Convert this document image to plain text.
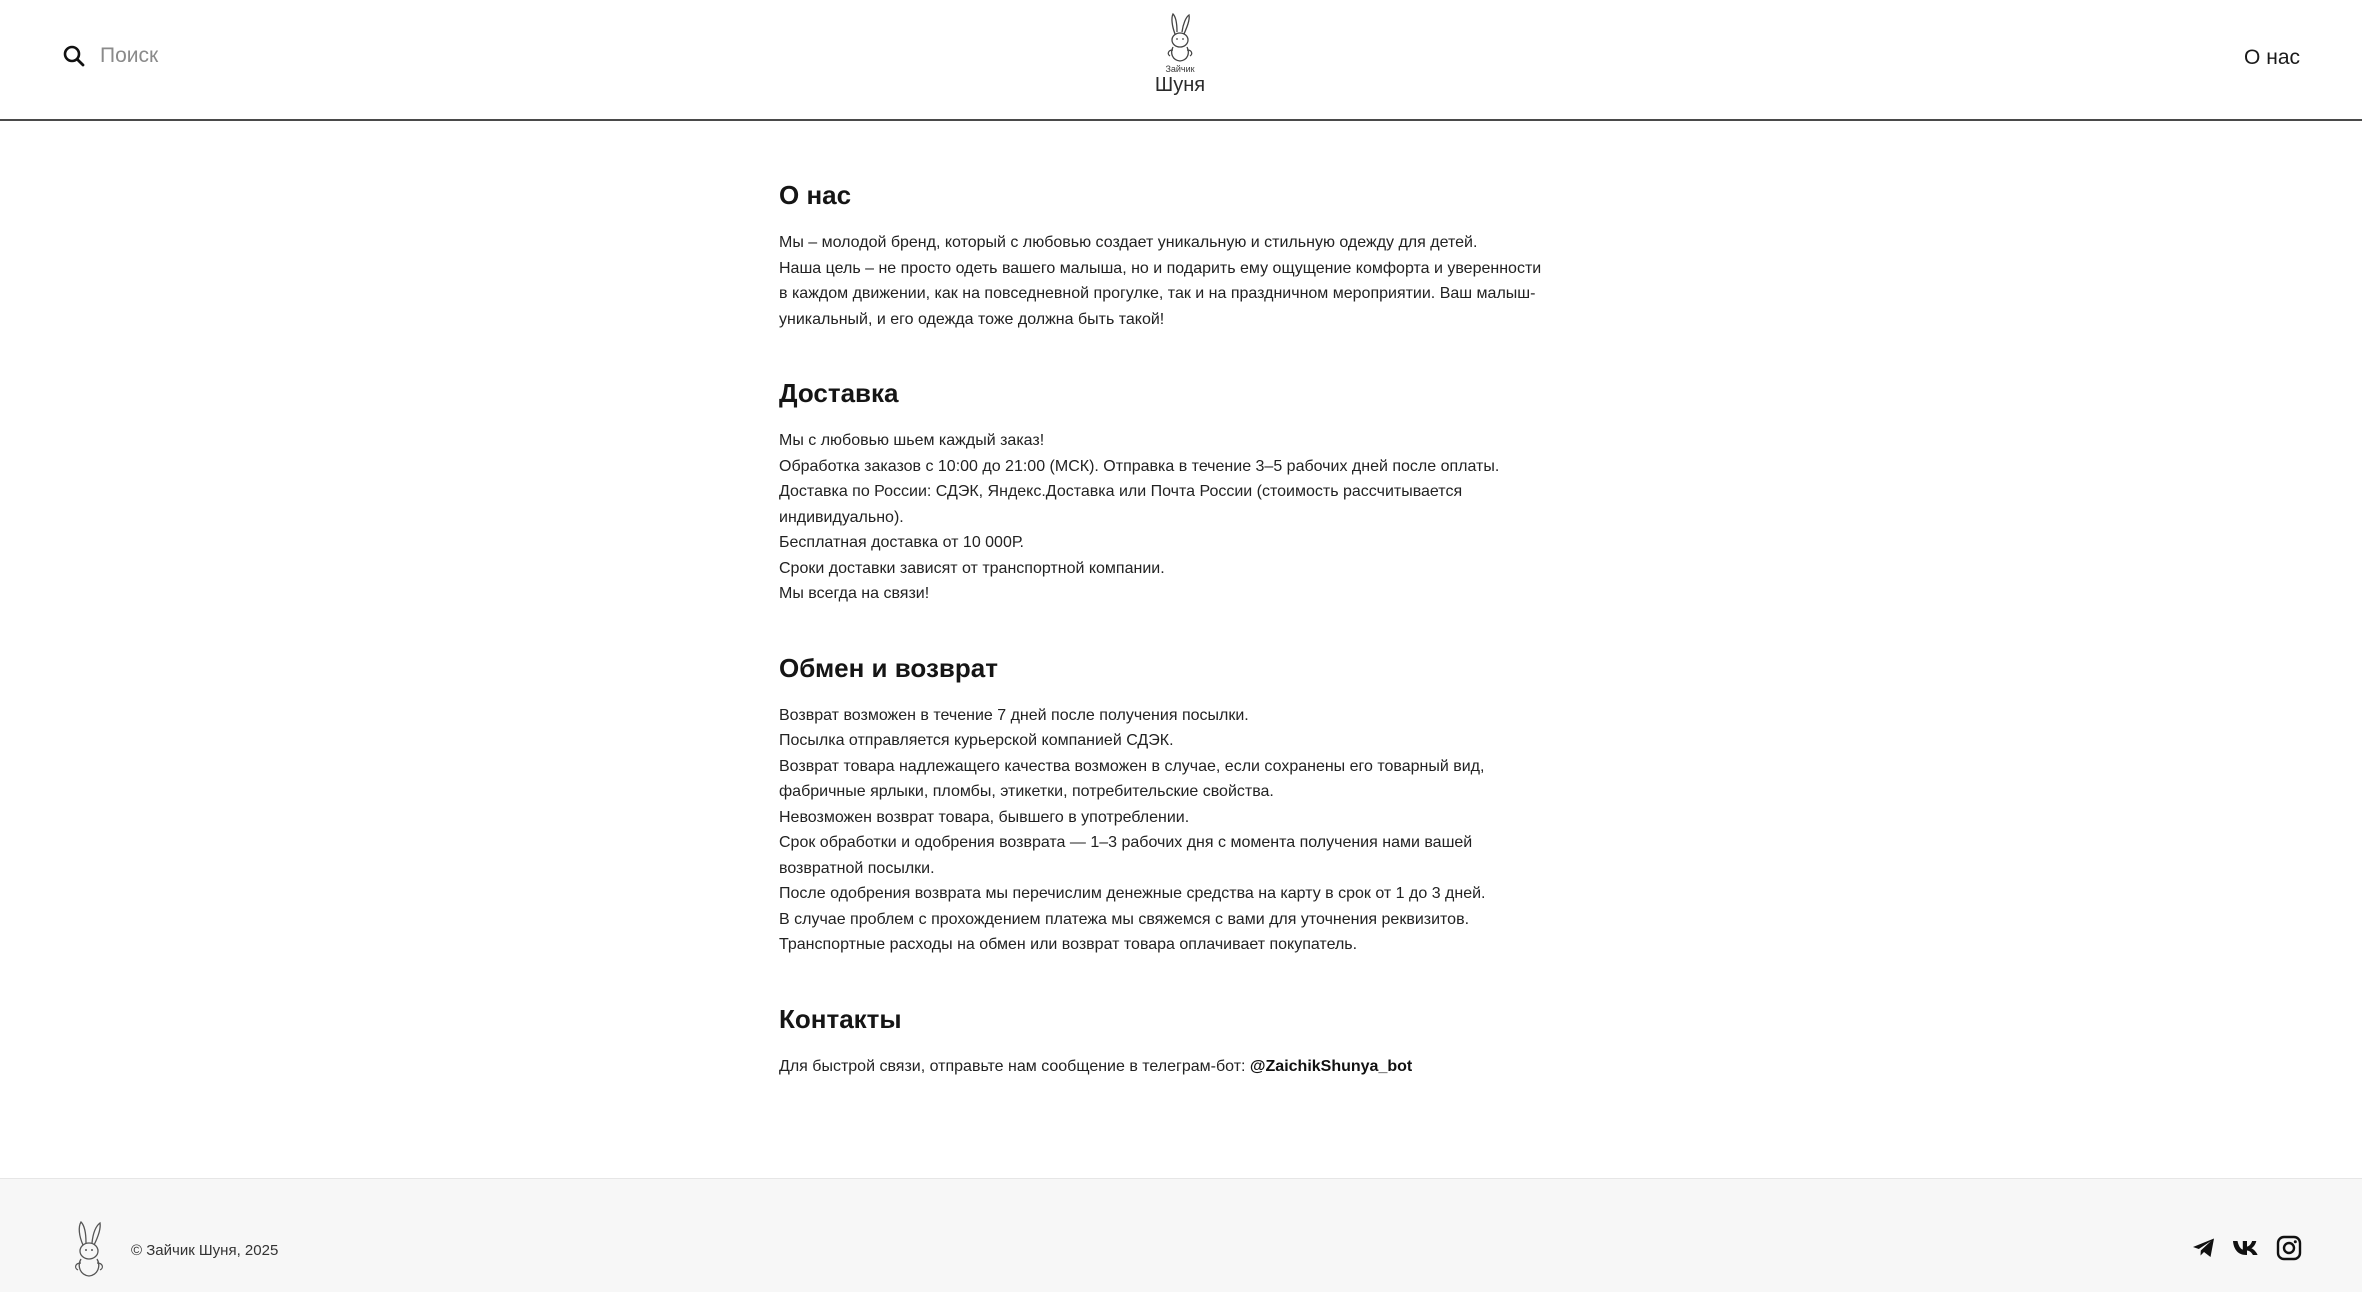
Поиск
Зайчик
Шуня
О нас
О нас

Мы – молодой бренд, который с любовью создает уникальную и стильную одежду для детей.

Наша цель – не просто одеть вашего малыша, но и подарить ему ощущение комфорта и уверенности

в каждом движении, как на повседневной прогулке, так и на праздничном мероприятии. Ваш малыш-

уникальный, и его одежда тоже должна быть такой!

Доставка

Мы с любовью шьем каждый заказ!

Обработка заказов с 10:00 до 21:00 (МСК). Отправка в течение 3–5 рабочих дней после оплаты.

Доставка по России: СДЭК, Яндекс.Доставка или Почта России (стоимость рассчитывается

индивидуально).

Бесплатная доставка от 10 000Р.

Сроки доставки зависят от транспортной компании.

Мы всегда на связи!

Обмен и возврат

Возврат возможен в течение 7 дней после получения посылки.

Посылка отправляется курьерской компанией СДЭК.

Возврат товара надлежащего качества возможен в случае, если сохранены его товарный вид,

фабричные ярлыки, пломбы, этикетки, потребительские свойства.

Невозможен возврат товара, бывшего в употреблении.

Срок обработки и одобрения возврата — 1–3 рабочих дня с момента получения нами вашей

возвратной посылки.

После одобрения возврата мы перечислим денежные средства на карту в срок от 1 до 3 дней.

В случае проблем с прохождением платежа мы свяжемся с вами для уточнения реквизитов.

Транспортные расходы на обмен или возврат товара оплачивает покупатель.

Контакты

Для быстрой связи, отправьте нам сообщение в телеграм-бот: @ZaichikShunya_bot

© Зайчик Шуня, 2025
